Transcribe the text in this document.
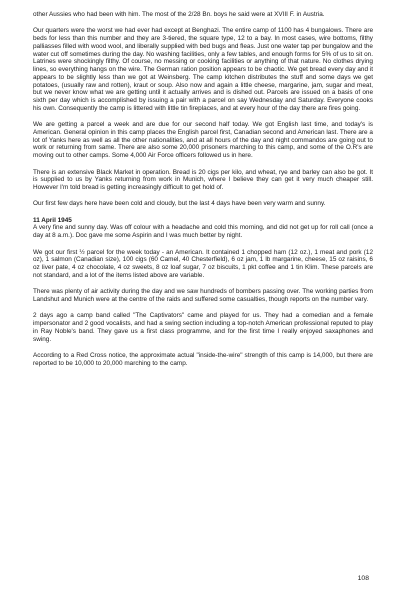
other Aussies who had been with him. The most of the 2/28 Bn. boys he said were at XVIII F. in Austria.

Our quarters were the worst we had ever had except at Benghazi. The entire camp of 1100 has 4 bungalows. There are beds for less than this number and they are 3-tiered, the square type, 12 to a bay. In most cases, wire bottoms, filthy palliasses filled with wood wool, and liberally supplied with bed bugs and fleas. Just one water tap per bungalow and the water cut off sometimes during the day. No washing facilities, only a few tables, and enough forms for 5% of us to sit on. Latrines were shockingly filthy. Of course, no messing or cooking facilities or anything of that nature. No clothes drying lines, so everything hangs on the wire. The German ration position appears to be chaotic. We get bread every day and it appears to be slightly less than we got at Weinsberg. The camp kitchen distributes the stuff and some days we get potatoes, (usually raw and rotten), kraut or soup. Also now and again a little cheese, margarine, jam, sugar and meat, but we never know what we are getting until it actually arrives and is dished out. Parcels are issued on a basis of one sixth per day which is accomplished by issuing a pair with a parcel on say Wednesday and Saturday. Everyone cooks his own. Consequently the camp is littered with little tin fireplaces, and at every hour of the day there are fires going.

We are getting a parcel a week and are due for our second half today. We got English last time, and today's is American. General opinion in this camp places the English parcel first, Canadian second and American last. There are a lot of Yanks here as well as all the other nationalities, and at all hours of the day and night commandos are going out to work or returning from same. There are also some 20,000 prisoners marching to this camp, and some of the O.R's are moving out to other camps. Some 4,000 Air Force officers followed us in here.

There is an extensive Black Market in operation. Bread is 20 cigs per kilo, and wheat, rye and barley can also be got. It is supplied to us by Yanks returning from work in Munich, where I believe they can get it very much cheaper still. However I'm told bread is getting increasingly difficult to get hold of.

Our first few days here have been cold and cloudy, but the last 4 days have been very warm and sunny.

11 April 1945

A very fine and sunny day. Was off colour with a headache and cold this morning, and did not get up for roll call (once a day at 8 a.m.). Doc gave me some Aspirin and I was much better by night.

We got our first ½ parcel for the week today - an American. It contained 1 chopped ham (12 oz.), 1 meat and pork (12 oz), 1 salmon (Canadian size), 100 cigs (60 Camel, 40 Chesterfield), 6 oz jam, 1 lb margarine, cheese, 15 oz raisins, 6 oz liver pate, 4 oz chocolate, 4 oz sweets, 8 oz loaf sugar, 7 oz biscuits, 1 pkt coffee and 1 tin Klim. These parcels are not standard, and a lot of the items listed above are variable.

There was plenty of air activity during the day and we saw hundreds of bombers passing over. The working parties from Landshut and Munich were at the centre of the raids and suffered some casualties, though reports on the number vary.

2 days ago a camp band called "The Captivators" came and played for us. They had a comedian and a female impersonator and 2 good vocalists, and had a swing section including a top-notch American professional reputed to play in Ray Noble's band. They gave us a first class programme, and for the first time I really enjoyed saxaphones and swing.

According to a Red Cross notice, the approximate actual "inside-the-wire" strength of this camp is 14,000, but there are reported to be 10,000 to 20,000 marching to the camp.

108
